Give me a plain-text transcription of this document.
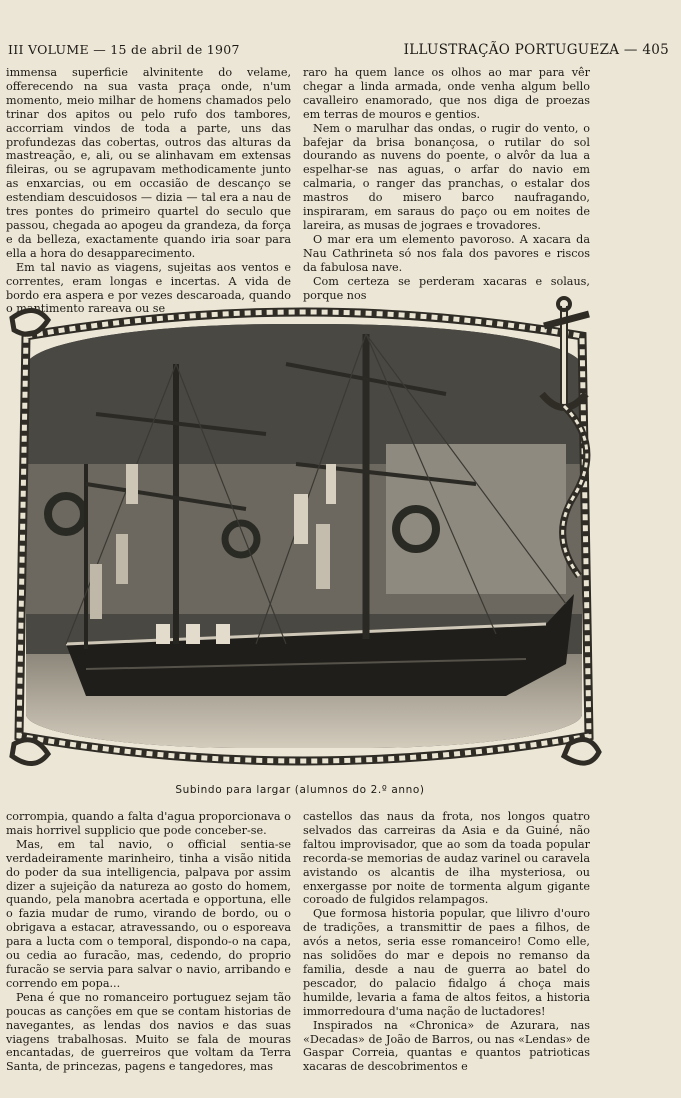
III VOLUME — 15 de abril de 1907	ILLUSTRAÇÃO PORTUGUEZA — 405

immensa superficie alvinitente do velame, offerecendo na sua vasta praça onde, n'um momento, meio milhar de homens chamados pelo trinar dos apitos ou pelo rufo dos tambores, accorriam vindos de toda a parte, uns das profundezas das cobertas, outros das alturas da mastreação, e, ali, ou se alinhavam em extensas fileiras, ou se agrupavam methodicamente junto as enxarcias, ou em occasião de descanço se estendiam descuidosos — dizia — tal era a nau de tres pontes do primeiro quartel do seculo que passou, chegada ao apogeu da grandeza, da força e da belleza, exactamente quando iria soar para ella a hora do desapparecimento.

Em tal navio as viagens, sujeitas aos ventos e correntes, eram longas e incertas. A vida de bordo era aspera e por vezes descaroada, quando o mantimento rareava ou se

raro ha quem lance os olhos ao mar para vêr chegar a linda armada, onde venha algum bello cavalleiro enamorado, que nos diga de proezas em terras de mouros e gentios.

Nem o marulhar das ondas, o rugir do vento, o bafejar da brisa bonançosa, o rutilar do sol dourando as nuvens do poente, o alvôr da lua a espelhar-se nas aguas, o arfar do navio em calmaria, o ranger das pranchas, o estalar dos mastros do misero barco naufragando, inspiraram, em saraus do paço ou em noites de lareira, as musas de jograes e trovadores.

O mar era um elemento pavoroso. A xacara da Nau Cathrineta só nos fala dos pavores e riscos da fabulosa nave.

Com certeza se perderam xacaras e solaus, porque nos

Subindo para largar (alumnos do 2.º anno)

corrompia, quando a falta d'agua proporcionava o mais horrivel supplicio que pode conceber-se.

Mas, em tal navio, o official sentia-se verdadeiramente marinheiro, tinha a visão nitida do poder da sua intelligencia, palpava por assim dizer a sujeição da natureza ao gosto do homem, quando, pela manobra acertada e opportuna, elle o fazia mudar de rumo, virando de bordo, ou o obrigava a estacar, atravessando, ou o esporeava para a lucta com o temporal, dispondo-o na capa, ou cedia ao furacão, mas, cedendo, do proprio furacão se servia para salvar o navio, arribando e correndo em popa...

Pena é que no romanceiro portuguez sejam tão poucas as canções em que se contam historias de navegantes, as lendas dos navios e das suas viagens trabalhosas. Muito se fala de mouras encantadas, de guerreiros que voltam da Terra Santa, de princezas, pagens e tangedores, mas

castellos das naus da frota, nos longos quatro selvados das carreiras da Asia e da Guiné, não faltou improvisador, que ao som da toada popular recorda-se memorias de audaz varinel ou caravela avistando os alcantis de ilha mysteriosa, ou enxergasse por noite de tormenta algum gigante coroado de fulgidos relampagos.

Que formosa historia popular, que lilivro d'ouro de tradições, a transmittir de paes a filhos, de avós a netos, seria esse romanceiro! Como elle, nas solidões do mar e depois no remanso da familia, desde a nau de guerra ao batel do pescador, do palacio fidalgo á choça mais humilde, levaria a fama de altos feitos, a historia immorredoura d'uma nação de luctadores!

Inspirados na «Chronica» de Azurara, nas «Decadas» de João de Barros, ou nas «Lendas» de Gaspar Correia, quantas e quantos patrioticas xacaras de descobrimentos e
